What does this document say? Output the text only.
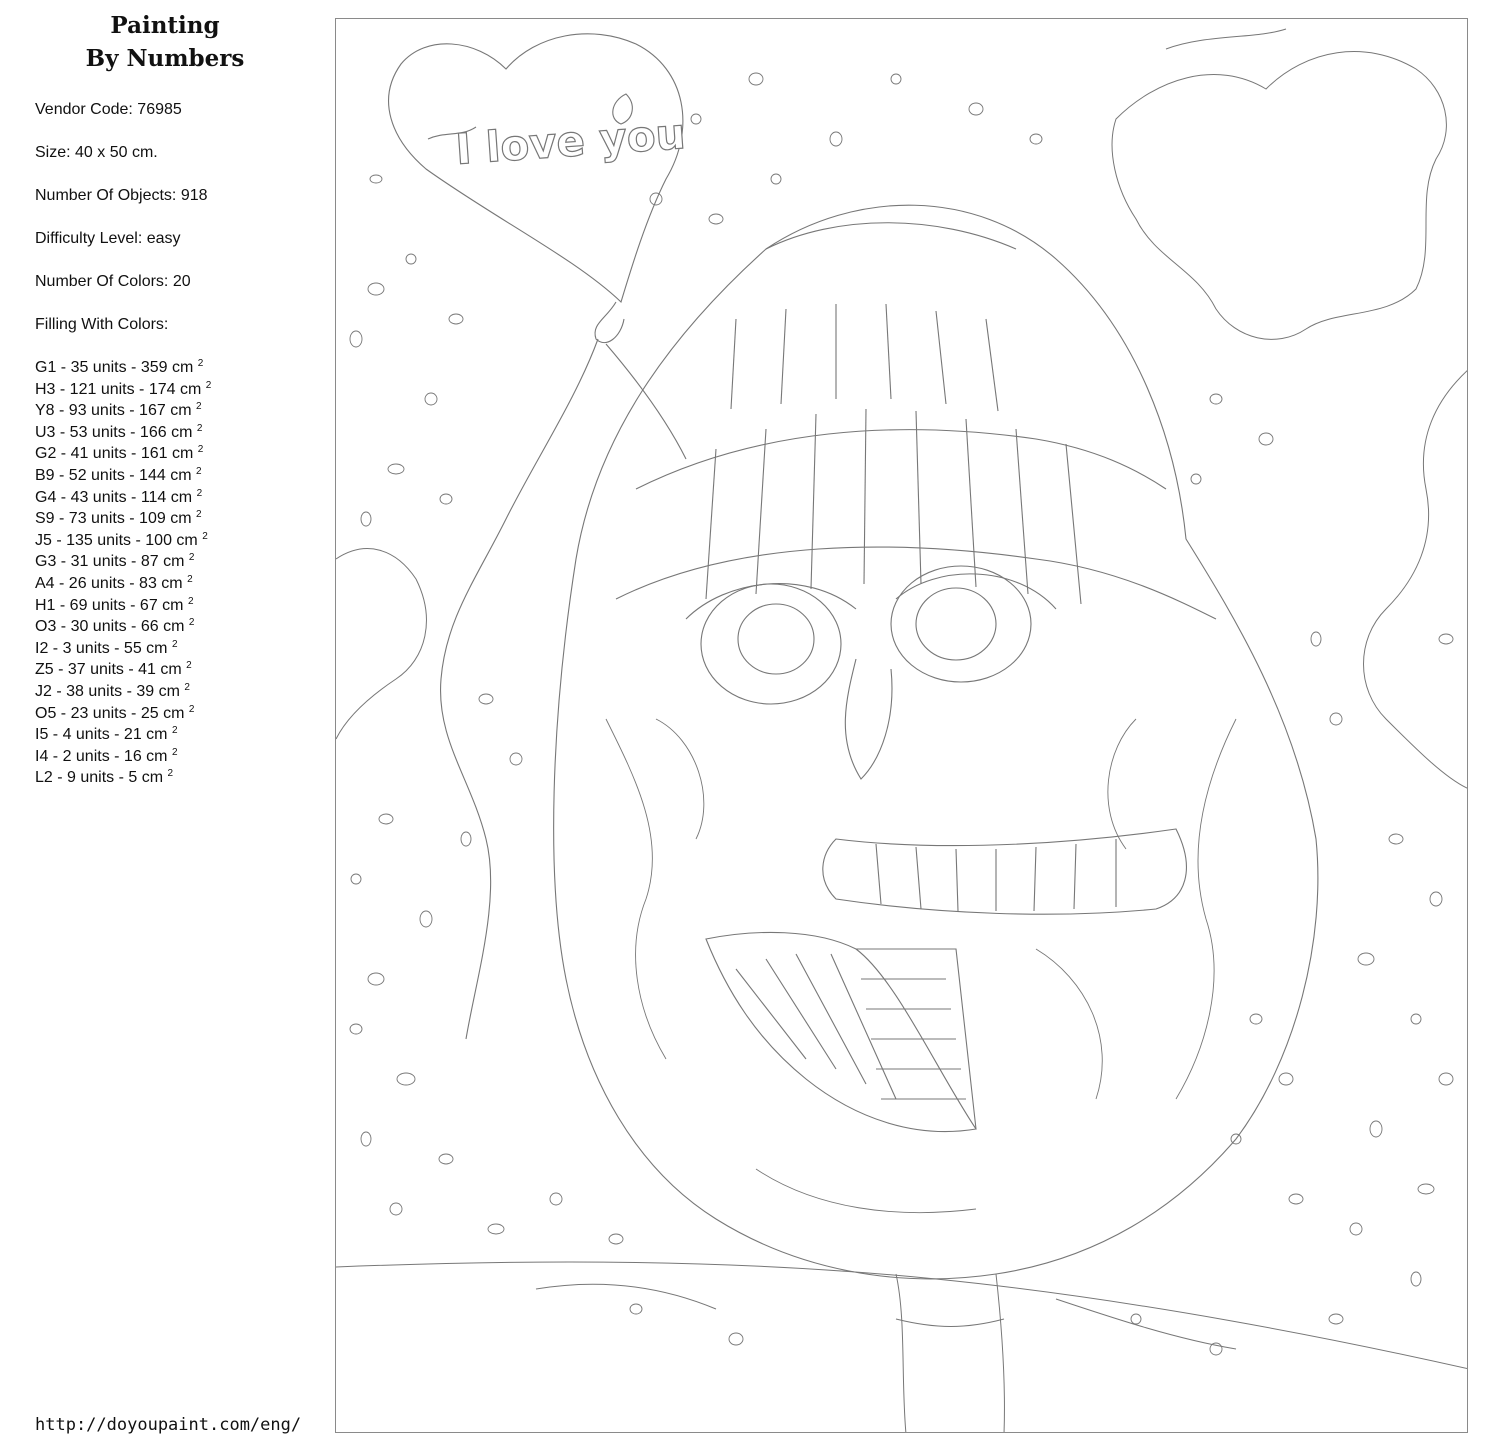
Painting
By Numbers
Vendor Code: 76985
Size: 40 x 50 cm.
Number Of Objects: 918
Difficulty Level: easy
Number Of Colors: 20
Filling With Colors:
G1 - 35 units - 359 cm $^2$
H3 - 121 units - 174 cm $^2$
Y8 - 93 units - 167 cm $^2$
U3 - 53 units - 166 cm $^2$
G2 - 41 units - 161 cm $^2$
B9 - 52 units - 144 cm $^2$
G4 - 43 units - 114 cm $^2$
S9 - 73 units - 109 cm $^2$
J5 - 135 units - 100 cm $^2$
G3 - 31 units - 87 cm $^2$
A4 - 26 units - 83 cm $^2$
H1 - 69 units - 67 cm $^2$
O3 - 30 units - 66 cm $^2$
I2 - 3 units - 55 cm $^2$
Z5 - 37 units - 41 cm $^2$
J2 - 38 units - 39 cm $^2$
O5 - 23 units - 25 cm $^2$
I5 - 4 units - 21 cm $^2$
I4 - 2 units - 16 cm $^2$
L2 - 9 units - 5 cm $^2$
http://doyoupaint.com/eng/
I love you
